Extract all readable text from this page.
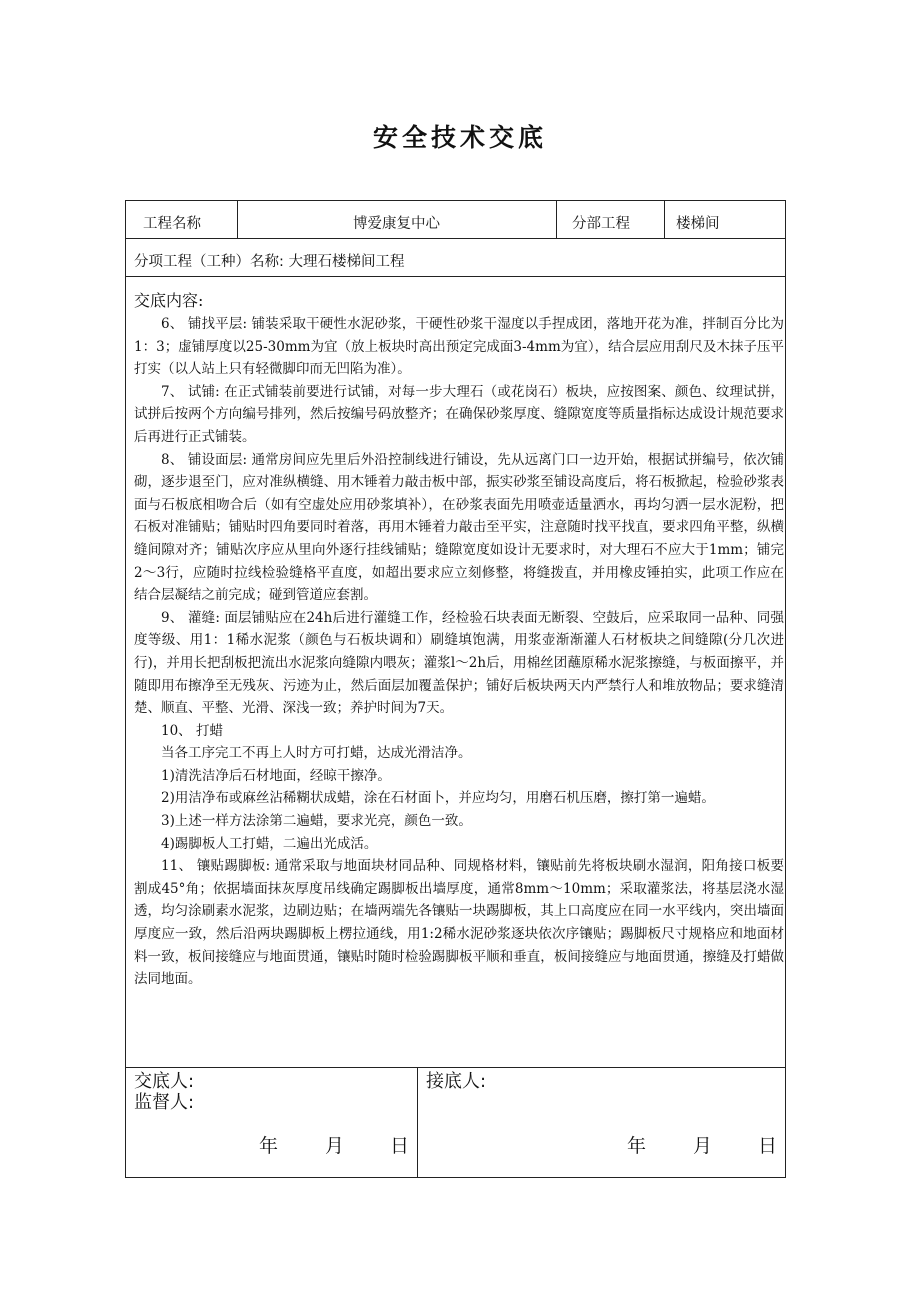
安全技术交底
工程名称	博爱康复中心	分部工程	楼梯间
分项工程（工种）名称: 大理石楼梯间工程
交底内容:

6、 铺找平层: 铺装采取干硬性水泥砂浆，干硬性砂浆干湿度以手捏成团，落地开花为准，拌制百分比为1：3；虚铺厚度以25-30mm为宜（放上板块时高出预定完成面3-4mm为宜），结合层应用刮尺及木抹子压平打实（以人站上只有轻微脚印而无凹陷为准）。

7、 试铺: 在正式铺装前要进行试铺，对每一步大理石（或花岗石）板块，应按图案、颜色、纹理试拼，试拼后按两个方向编号排列，然后按编号码放整齐；在确保砂浆厚度、缝隙宽度等质量指标达成设计规范要求后再进行正式铺装。

8、 铺设面层: 通常房间应先里后外沿控制线进行铺设，先从远离门口一边开始，根据试拼编号，依次铺砌，逐步退至门，应对准纵横缝、用木锤着力敲击板中部，振实砂浆至铺设高度后，将石板掀起，检验砂浆表面与石板底相吻合后（如有空虚处应用砂浆填补），在砂浆表面先用喷壶适量洒水，再均匀洒一层水泥粉，把石板对准铺贴；铺贴时四角要同时着落，再用木锤着力敲击至平实，注意随时找平找直，要求四角平整，纵横缝间隙对齐；铺贴次序应从里向外逐行挂线铺贴；缝隙宽度如设计无要求时，对大理石不应大于1mm；铺完2～3行，应随时拉线检验缝格平直度，如超出要求应立刻修整，将缝拨直，并用橡皮锤拍实，此项工作应在结合层凝结之前完成；碰到管道应套割。

9、 灌缝: 面层铺贴应在24h后进行灌缝工作，经检验石块表面无断裂、空鼓后，应采取同一品种、同强度等级、用1：1稀水泥浆（颜色与石板块调和）刷缝填饱满，用浆壶渐渐灌人石材板块之间缝隙(分几次进行)，并用长把刮板把流出水泥浆向缝隙内喂灰；灌浆l～2h后，用棉丝团蘸原稀水泥浆擦缝，与板面擦平，并随即用布擦净至无残灰、污迹为止，然后面层加覆盖保护；铺好后板块两天内严禁行人和堆放物品；要求缝清楚、顺直、平整、光滑、深浅一致；养护时间为7天。

10、 打蜡

当各工序完工不再上人时方可打蜡，达成光滑洁净。

1)清洗洁净后石材地面，经晾干擦净。

2)用洁净布或麻丝沾稀糊状成蜡，涂在石材面卜，并应均匀，用磨石机压磨，擦打第一遍蜡。

3)上述一样方法涂第二遍蜡，要求光亮，颜色一致。

4)踢脚板人工打蜡，二遍出光成活。

11、 镶贴踢脚板: 通常采取与地面块材同品种、同规格材料，镶贴前先将板块刷水湿润，阳角接口板要割成45°角；依据墙面抹灰厚度吊线确定踢脚板出墙厚度，通常8mm～10mm；采取灌浆法，将基层浇水湿透，均匀涂刷素水泥浆，边刷边贴；在墙两端先各镶贴一块踢脚板，其上口高度应在同一水平线内，突出墙面厚度应一致，然后沿两块踢脚板上楞拉通线，用1:2稀水泥砂浆逐块依次序镶贴；踢脚板尺寸规格应和地面材料一致，板间接缝应与地面贯通，镶贴时随时检验踢脚板平顺和垂直，板间接缝应与地面贯通，擦缝及打蜡做法同地面。

交底人:
监督人:
接底人:
年 月 日	年 月 日
